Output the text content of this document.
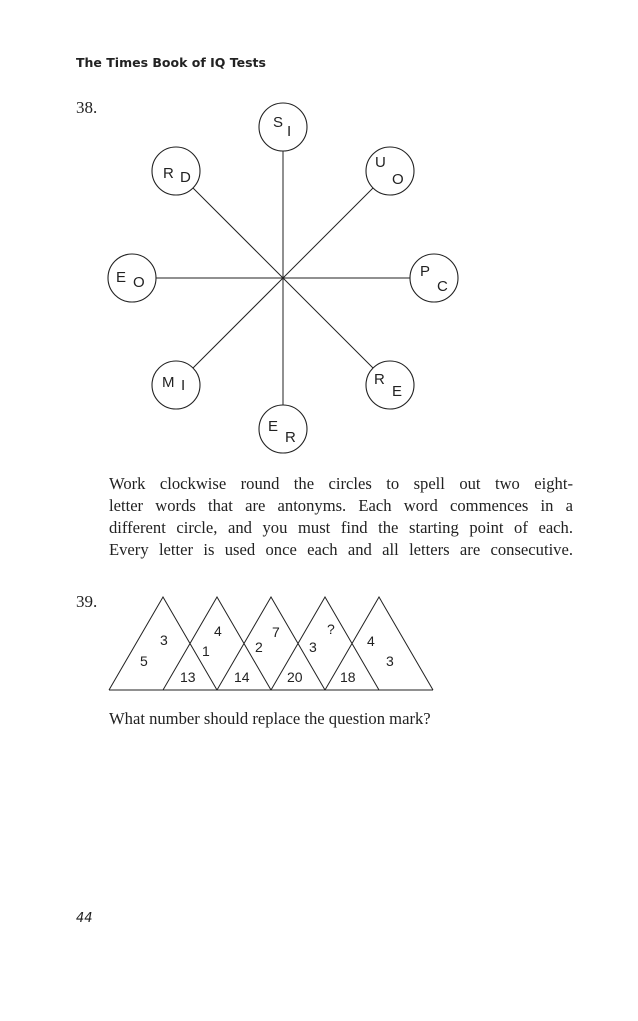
The Times Book of IQ Tests
38.
S
I
U
O
P
C
R
E
E
R
M I
E O
R D
Work clockwise round the circles to spell out two eight-
letter words that are antonyms. Each word commences in a
different circle, and you must find the starting point of each.
Every letter is used once each and all letters are consecutive.
39.
5
3
1
4
2
7
3
?
4
3
13	14	20	18
What number should replace the question mark?
44
